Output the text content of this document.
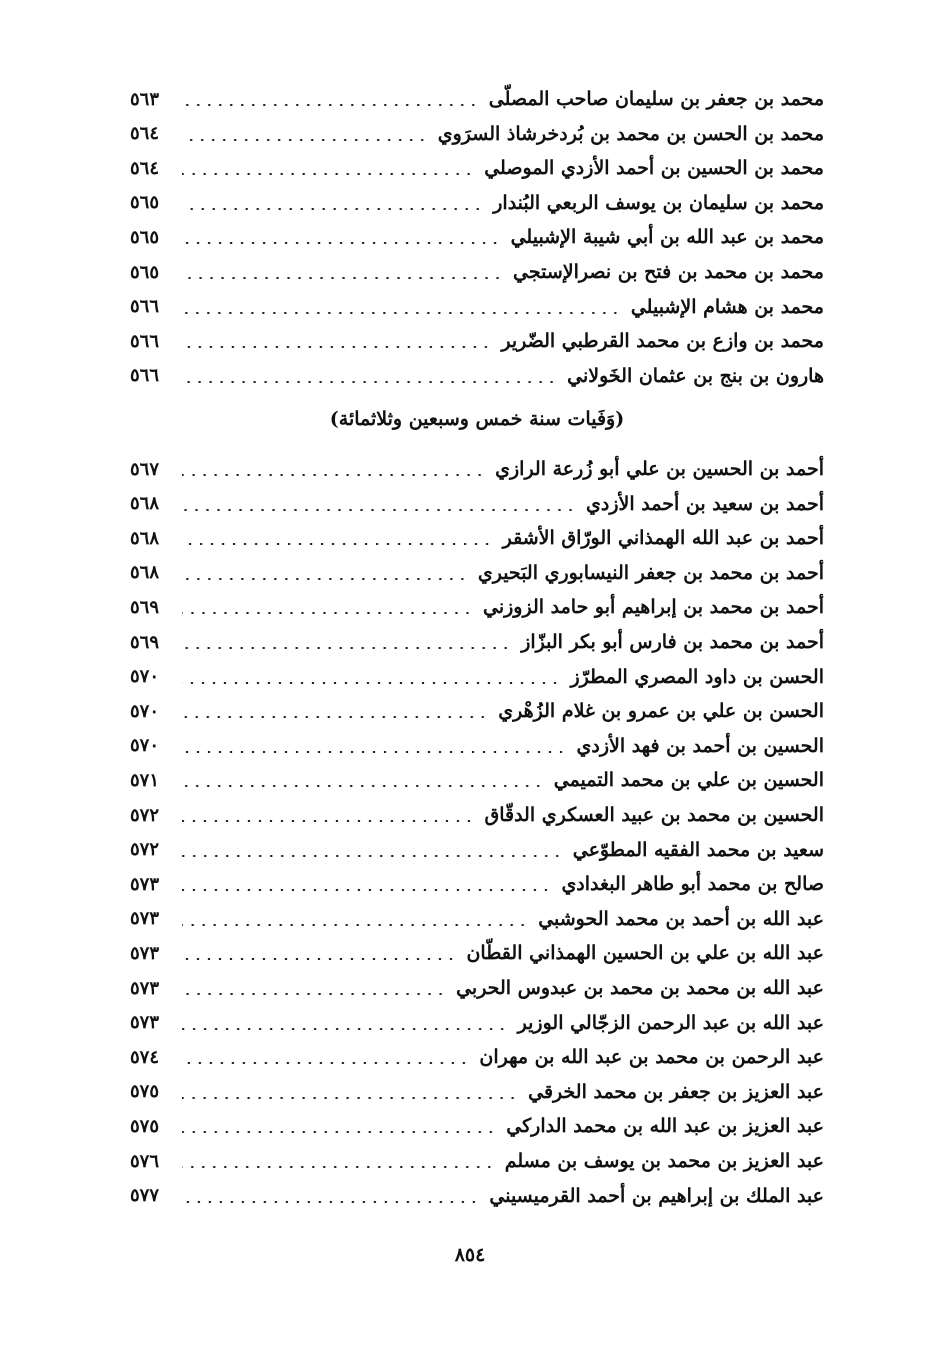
محمد بن جعفر بن سليمان صاحب المصلّى
٥٦٣
محمد بن الحسن بن محمد بن بُردخرشاذ السرَوي
٥٦٤
محمد بن الحسين بن أحمد الأزدي الموصلي
٥٦٤
محمد بن سليمان بن يوسف الربعي البُندار
٥٦٥
محمد بن عبد الله بن أبي شيبة الإشبيلي
٥٦٥
محمد بن محمد بن فتح بن نصرالإستجي
٥٦٥
محمد بن هشام الإشبيلي
٥٦٦
محمد بن وازع بن محمد القرطبي الضّرير
٥٦٦
هارون بن بنج بن عثمان الخَولاني
٥٦٦
(وَفَيات سنة خمس وسبعين وثلاثمائة)
أحمد بن الحسين بن علي أبو زُرعة الرازي
٥٦٧
أحمد بن سعيد بن أحمد الأزدي
٥٦٨
أحمد بن عبد الله الهمذاني الورّاق الأشقر
٥٦٨
أحمد بن محمد بن جعفر النيسابوري البَحيري
٥٦٨
أحمد بن محمد بن إبراهيم أبو حامد الزوزني
٥٦٩
أحمد بن محمد بن فارس أبو بكر البزّاز
٥٦٩
الحسن بن داود المصري المطرّز
٥٧٠
الحسن بن علي بن عمرو بن غلام الزُهْري
٥٧٠
الحسين بن أحمد بن فهد الأزدي
٥٧٠
الحسين بن علي بن محمد التميمي
٥٧١
الحسين بن محمد بن عبيد العسكري الدقّاق
٥٧٢
سعيد بن محمد الفقيه المطوّعي
٥٧٢
صالح بن محمد أبو طاهر البغدادي
٥٧٣
عبد الله بن أحمد بن محمد الحوشبي
٥٧٣
عبد الله بن علي بن الحسين الهمذاني القطّان
٥٧٣
عبد الله بن محمد بن محمد بن عبدوس الحربي
٥٧٣
عبد الله بن عبد الرحمن الزجّالي الوزير
٥٧٣
عبد الرحمن بن محمد بن عبد الله بن مهران
٥٧٤
عبد العزيز بن جعفر بن محمد الخرقي
٥٧٥
عبد العزيز بن عبد الله بن محمد الداركي
٥٧٥
عبد العزيز بن محمد بن يوسف بن مسلم
٥٧٦
عبد الملك بن إبراهيم بن أحمد القرميسيني
٥٧٧
٨٥٤
